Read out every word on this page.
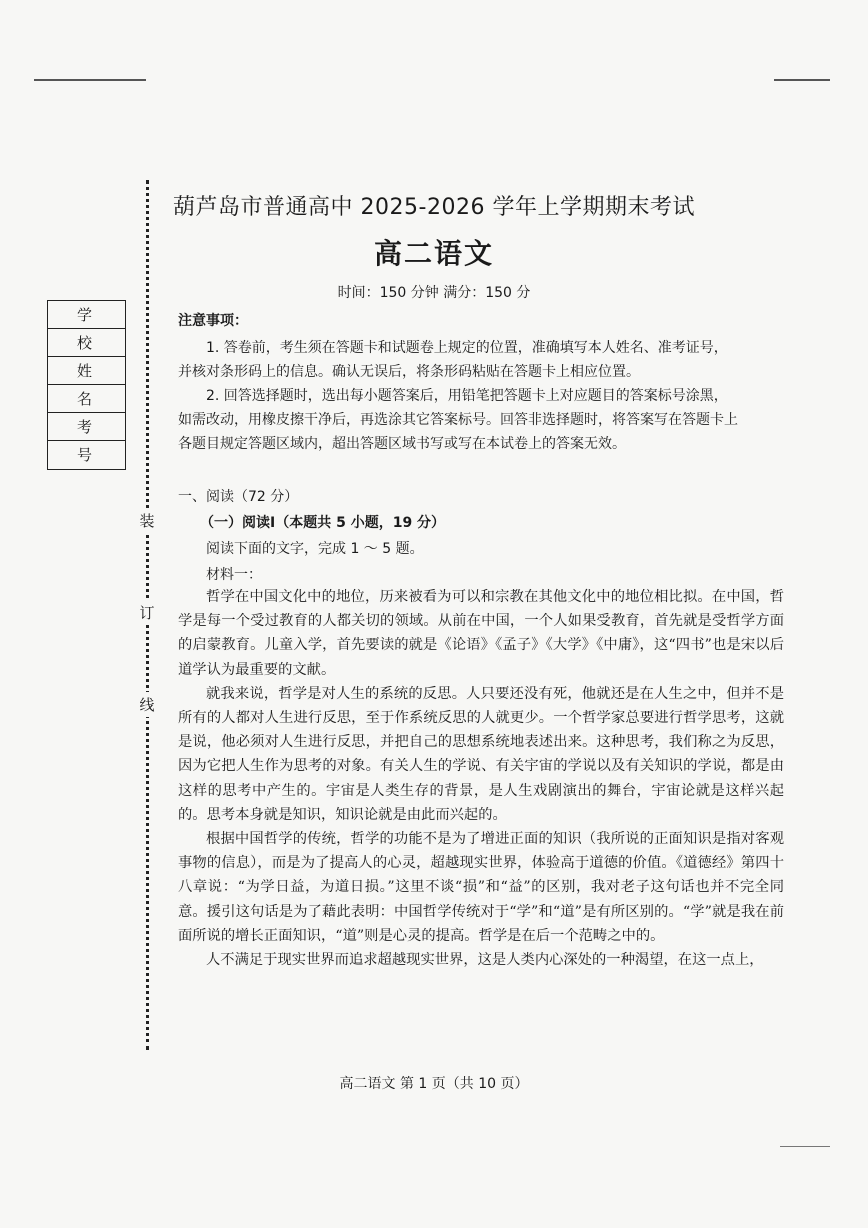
装
订
线
学 校
姓 名
考 号
葫芦岛市普通高中 2025-2026 学年上学期期末考试
高二语文
时间：150 分钟 满分：150 分
注意事项：

1. 答卷前，考生须在答题卡和试题卷上规定的位置，准确填写本人姓名、准考证号，

并核对条形码上的信息。确认无误后，将条形码粘贴在答题卡上相应位置。

2. 回答选择题时，选出每小题答案后，用铅笔把答题卡上对应题目的答案标号涂黑，

如需改动，用橡皮擦干净后，再选涂其它答案标号。回答非选择题时，将答案写在答题卡上

各题目规定答题区域内，超出答题区域书写或写在本试卷上的答案无效。

一、阅读（72 分）
（一）阅读Ⅰ（本题共 5 小题，19 分）
阅读下面的文字，完成 1 ～ 5 题。
材料一：

哲学在中国文化中的地位，历来被看为可以和宗教在其他文化中的地位相比拟。在中国，哲学是每一个受过教育的人都关切的领域。从前在中国，一个人如果受教育，首先就是受哲学方面的启蒙教育。儿童入学，首先要读的就是《论语》《孟子》《大学》《中庸》，这“四书”也是宋以后道学认为最重要的文献。

就我来说，哲学是对人生的系统的反思。人只要还没有死，他就还是在人生之中，但并不是所有的人都对人生进行反思，至于作系统反思的人就更少。一个哲学家总要进行哲学思考，这就是说，他必须对人生进行反思，并把自己的思想系统地表述出来。这种思考，我们称之为反思，因为它把人生作为思考的对象。有关人生的学说、有关宇宙的学说以及有关知识的学说，都是由这样的思考中产生的。宇宙是人类生存的背景，是人生戏剧演出的舞台，宇宙论就是这样兴起的。思考本身就是知识，知识论就是由此而兴起的。

根据中国哲学的传统，哲学的功能不是为了增进正面的知识（我所说的正面知识是指对客观事物的信息），而是为了提高人的心灵，超越现实世界，体验高于道德的价值。《道德经》第四十八章说：“为学日益，为道日损。”这里不谈“损”和“益”的区别，我对老子这句话也并不完全同意。援引这句话是为了藉此表明：中国哲学传统对于“学”和“道”是有所区别的。“学”就是我在前面所说的增长正面知识，“道”则是心灵的提高。哲学是在后一个范畴之中的。

人不满足于现实世界而追求超越现实世界，这是人类内心深处的一种渴望，在这一点上，

高二语文 第 1 页（共 10 页）
